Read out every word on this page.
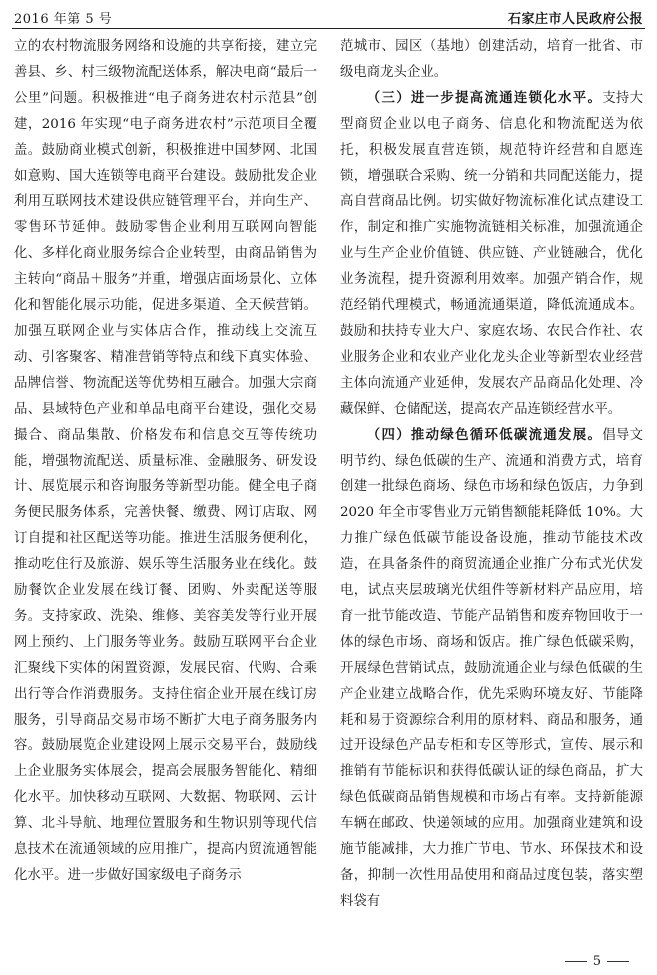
2016 年第 5 号	石家庄市人民政府公报

立的农村物流服务网络和设施的共享衔接，建立完善县、乡、村三级物流配送体系，解决电商“最后一公里”问题。积极推进“电子商务进农村示范县”创建，2016 年实现“电子商务进农村”示范项目全覆盖。鼓励商业模式创新，积极推进中国梦网、北国如意购、国大连锁等电商平台建设。鼓励批发企业利用互联网技术建设供应链管理平台，并向生产、零售环节延伸。鼓励零售企业利用互联网向智能化、多样化商业服务综合企业转型，由商品销售为主转向“商品＋服务”并重，增强店面场景化、立体化和智能化展示功能，促进多渠道、全天候营销。加强互联网企业与实体店合作，推动线上交流互动、引客聚客、精准营销等特点和线下真实体验、品牌信誉、物流配送等优势相互融合。加强大宗商品、县域特色产业和单品电商平台建设，强化交易撮合、商品集散、价格发布和信息交互等传统功能，增强物流配送、质量标准、金融服务、研发设计、展览展示和咨询服务等新型功能。健全电子商务便民服务体系，完善快餐、缴费、网订店取、网订自提和社区配送等功能。推进生活服务便利化，推动吃住行及旅游、娱乐等生活服务业在线化。鼓励餐饮企业发展在线订餐、团购、外卖配送等服务。支持家政、洗染、维修、美容美发等行业开展网上预约、上门服务等业务。鼓励互联网平台企业汇聚线下实体的闲置资源，发展民宿、代购、合乘出行等合作消费服务。支持住宿企业开展在线订房服务，引导商品交易市场不断扩大电子商务服务内容。鼓励展览企业建设网上展示交易平台，鼓励线上企业服务实体展会，提高会展服务智能化、精细化水平。加快移动互联网、大数据、物联网、云计算、北斗导航、地理位置服务和生物识别等现代信息技术在流通领域的应用推广，提高内贸流通智能化水平。进一步做好国家级电子商务示

范城市、园区（基地）创建活动，培育一批省、市级电商龙头企业。

（三）进一步提高流通连锁化水平。支持大型商贸企业以电子商务、信息化和物流配送为依托，积极发展直营连锁，规范特许经营和自愿连锁，增强联合采购、统一分销和共同配送能力，提高自营商品比例。切实做好物流标准化试点建设工作，制定和推广实施物流链相关标准，加强流通企业与生产企业价值链、供应链、产业链融合，优化业务流程，提升资源利用效率。加强产销合作，规范经销代理模式，畅通流通渠道，降低流通成本。鼓励和扶持专业大户、家庭农场、农民合作社、农业服务企业和农业产业化龙头企业等新型农业经营主体向流通产业延伸，发展农产品商品化处理、冷藏保鲜、仓储配送，提高农产品连锁经营水平。

（四）推动绿色循环低碳流通发展。倡导文明节约、绿色低碳的生产、流通和消费方式，培育创建一批绿色商场、绿色市场和绿色饭店，力争到 2020 年全市零售业万元销售额能耗降低 10%。大力推广绿色低碳节能设备设施，推动节能技术改造，在具备条件的商贸流通企业推广分布式光伏发电，试点夹层玻璃光伏组件等新材料产品应用，培育一批节能改造、节能产品销售和废弃物回收于一体的绿色市场、商场和饭店。推广绿色低碳采购，开展绿色营销试点，鼓励流通企业与绿色低碳的生产企业建立战略合作，优先采购环境友好、节能降耗和易于资源综合利用的原材料、商品和服务，通过开设绿色产品专柜和专区等形式，宣传、展示和推销有节能标识和获得低碳认证的绿色商品，扩大绿色低碳商品销售规模和市场占有率。支持新能源车辆在邮政、快递领域的应用。加强商业建筑和设施节能减排，大力推广节电、节水、环保技术和设备，抑制一次性用品使用和商品过度包装，落实塑料袋有

5
